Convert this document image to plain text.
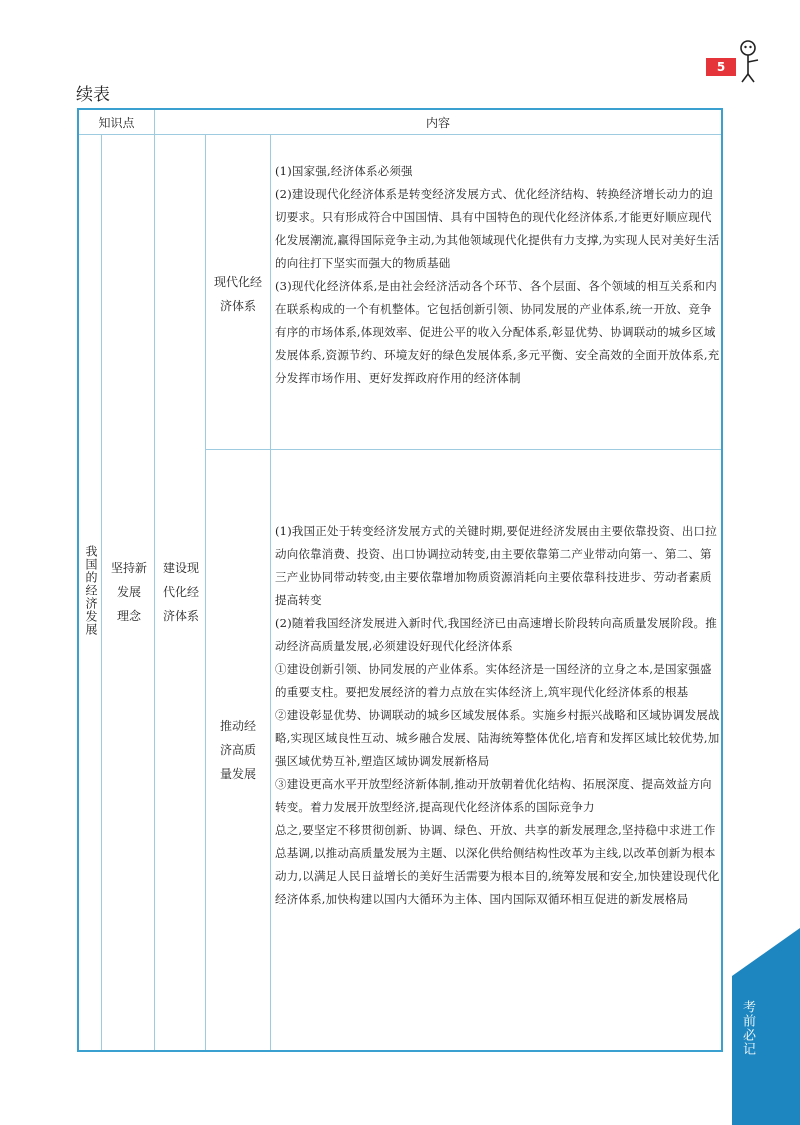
续表
5
知识点	内容
我国的经济发展	坚持新
发展
理念
建设现
代化经
济体系
现代化经
济体系
推动经
济高质
量发展

(1)国家强,经济体系必须强

(2)建设现代化经济体系是转变经济发展方式、优化经济结构、转换经济增长动力的迫切要求。只有形成符合中国国情、具有中国特色的现代化经济体系,才能更好顺应现代化发展潮流,赢得国际竞争主动,为其他领域现代化提供有力支撑,为实现人民对美好生活的向往打下坚实而强大的物质基础

(3)现代化经济体系,是由社会经济活动各个环节、各个层面、各个领域的相互关系和内在联系构成的一个有机整体。它包括创新引领、协同发展的产业体系,统一开放、竞争有序的市场体系,体现效率、促进公平的收入分配体系,彰显优势、协调联动的城乡区域发展体系,资源节约、环境友好的绿色发展体系,多元平衡、安全高效的全面开放体系,充分发挥市场作用、更好发挥政府作用的经济体制

(1)我国正处于转变经济发展方式的关键时期,要促进经济发展由主要依靠投资、出口拉动向依靠消费、投资、出口协调拉动转变,由主要依靠第二产业带动向第一、第二、第三产业协同带动转变,由主要依靠增加物质资源消耗向主要依靠科技进步、劳动者素质提高转变

(2)随着我国经济发展进入新时代,我国经济已由高速增长阶段转向高质量发展阶段。推动经济高质量发展,必须建设好现代化经济体系

①建设创新引领、协同发展的产业体系。实体经济是一国经济的立身之本,是国家强盛的重要支柱。要把发展经济的着力点放在实体经济上,筑牢现代化经济体系的根基

②建设彰显优势、协调联动的城乡区域发展体系。实施乡村振兴战略和区域协调发展战略,实现区域良性互动、城乡融合发展、陆海统筹整体优化,培育和发挥区域比较优势,加强区域优势互补,塑造区域协调发展新格局

③建设更高水平开放型经济新体制,推动开放朝着优化结构、拓展深度、提高效益方向转变。着力发展开放型经济,提高现代化经济体系的国际竞争力

总之,要坚定不移贯彻创新、协调、绿色、开放、共享的新发展理念,坚持稳中求进工作总基调,以推动高质量发展为主题、以深化供给侧结构性改革为主线,以改革创新为根本动力,以满足人民日益增长的美好生活需要为根本目的,统筹发展和安全,加快建设现代化经济体系,加快构建以国内大循环为主体、国内国际双循环相互促进的新发展格局

考前必记
